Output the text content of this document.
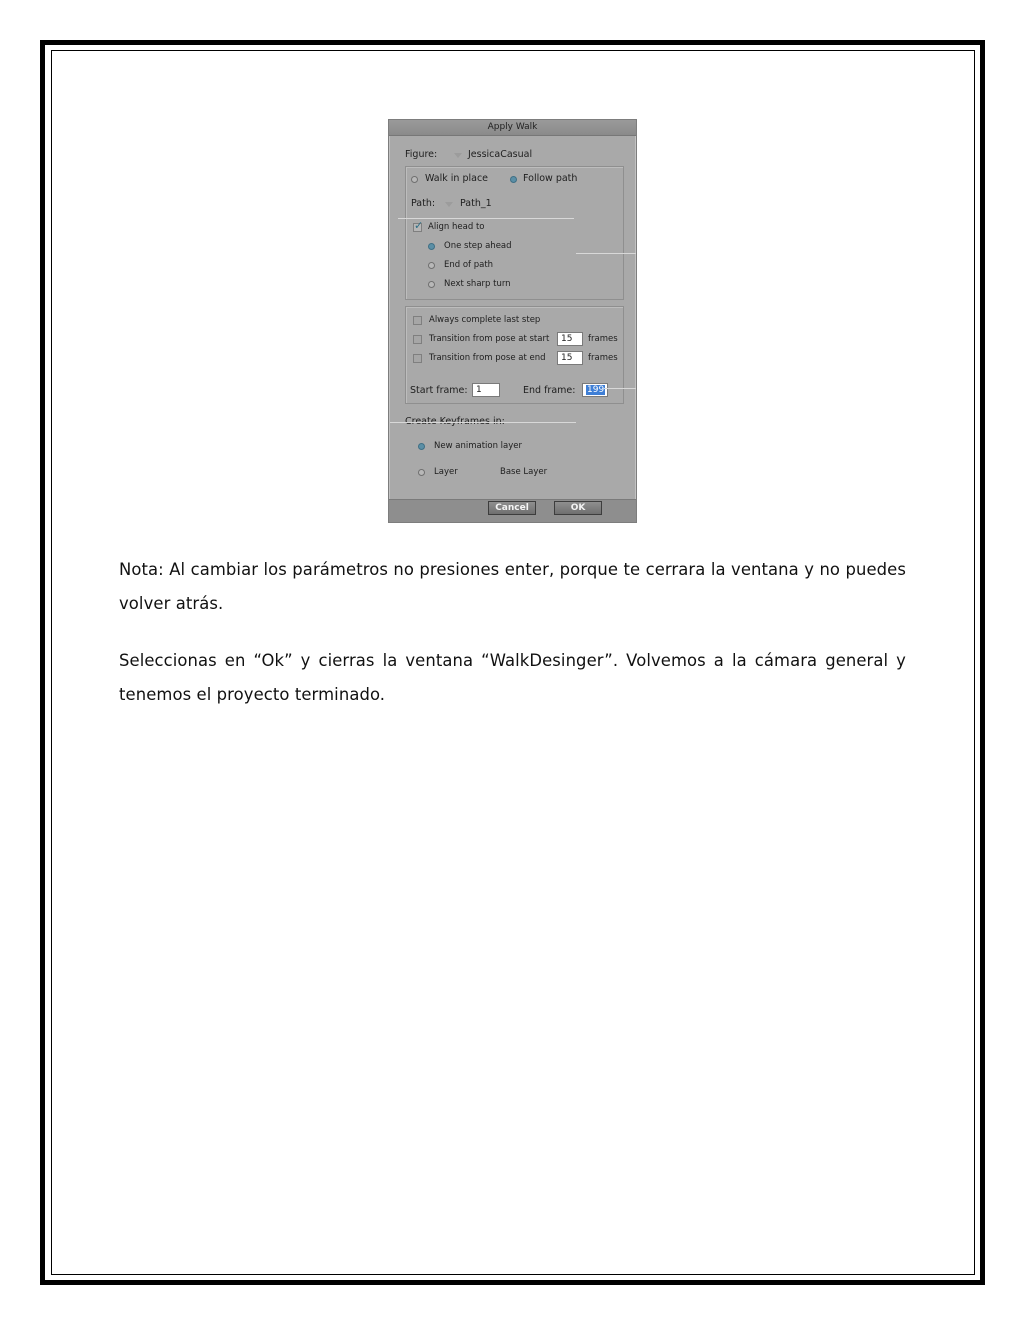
Apply Walk
Figure:	JessicaCasual
Walk in place	Follow path
Path:	Path_1
✓ Align head to
One step ahead
End of path
Next sharp turn
Always complete last step
Transition from pose at start	15	frames
Transition from pose at end	15	frames
Start frame: 1	End frame:	199
New animation layer
Layer	Base Layer
Cancel	OK

Nota: Al cambiar los parámetros no presiones enter, porque te cerrara la ventana y no puedes volver atrás.

Seleccionas en “Ok” y cierras la ventana “WalkDesinger”. Volvemos a la cámara general y tenemos el proyecto terminado.
